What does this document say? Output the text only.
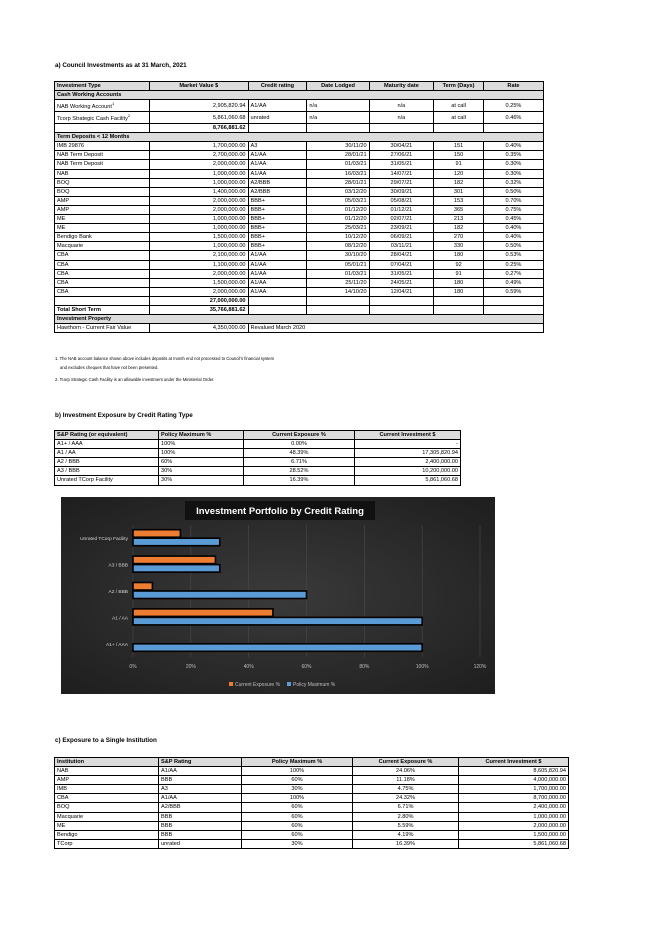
a) Council Investments as at 31 March, 2021
Investment Type	Market Value $	Credit rating	Date Lodged	Maturity date	Term (Days)	Rate
Cash Working Accounts						
NAB Working Account$^1$	2,905,820.94	A1/AA	n/a	n/a	at call	0.25%
Tcorp Strategic Cash Facility$^2$	5,861,060.68	unrated	n/a	n/a	at call	0.46%
	8,766,881.62					
Term Deposits < 12 Months						
IMB 29876	1,700,000.00	A3	30/11/20	30/04/21	151	0.40%
NAB Term Deposit	2,700,000.00	A1/AA	28/01/21	27/06/21	150	0.35%
NAB Term Deposit	2,000,000.00	A1/AA	01/03/21	31/05/21	91	0.30%
NAB	1,000,000.00	A1/AA	16/03/21	14/07/21	120	0.30%
BOQ	1,000,000.00	A2/BBB	28/01/21	29/07/21	182	0.32%
BOQ	1,400,000.00	A2/BBB	03/12/20	30/09/21	301	0.50%
AMP	2,000,000.00	BBB+	05/03/21	05/08/21	153	0.70%
AMP	2,000,000.00	BBB+	01/12/20	01/12/21	365	0.75%
ME	1,000,000.00	BBB+	01/12/20	02/07/21	213	0.45%
ME	1,000,000.00	BBB+	25/03/21	23/09/21	182	0.40%
Bendigo Bank	1,500,000.00	BBB+	10/12/20	06/09/21	270	0.40%
Macquarie	1,000,000.00	BBB+	08/12/20	03/11/21	330	0.50%
CBA	2,100,000.00	A1/AA	30/10/20	28/04/21	180	0.53%
CBA	1,100,000.00	A1/AA	05/01/21	07/04/21	92	0.25%
CBA	2,000,000.00	A1/AA	01/03/21	31/05/21	91	0.27%
CBA	1,500,000.00	A1/AA	25/11/20	24/05/21	180	0.49%
CBA	2,000,000.00	A1/AA	14/10/20	12/04/21	180	0.59%
	27,000,000.00					
Total Short Term	35,766,881.62					
Investment Property						
Hawthorn - Current Fair Value	4,350,000.00	Revalued March 2020				
1. The NAB account balance shown above includes deposits at month end not processed to Council's financial system
and excludes cheques that have not been presented.
2. Tcorp Strategic Cash Facility is an allowable investment under the Ministerial Order.
b) Investment Exposure by Credit Rating Type
S&P Rating (or equivalent)	Policy Maximum %	Current Exposure %	Current Investment $
A1+ / AAA	100%	0.00%	-
A1 / AA	100%	48.39%	17,305,820.94
A2 / BBB	60%	6.71%	2,400,000.00
A3 / BBB	30%	28.52%	10,200,000.00
Unrated TCorp Facility	30%	16.39%	5,861,060.68
A1+ / AAA
A1 / AA
A2 / BBB
A3 / BBB
Unrated TCorp Facility
0%	20%	40%	60%	80%	100%	120%
Investment Portfolio by Credit Rating
Current Exposure %	Policy Maximum %
c) Exposure to a Single Institution
Institution	S&P Rating	Policy Maximum %	Current Exposure %	Current Investment $
NAB	A1/AA	100%	24.06%	8,605,820.94
AMP	BBB	60%	11.18%	4,000,000.00
IMB	A3	30%	4.75%	1,700,000.00
CBA	A1/AA	100%	24.32%	8,700,000.00
BOQ	A2/BBB	60%	6.71%	2,400,000.00
Macquarie	BBB	60%	2.80%	1,000,000.00
ME	BBB	60%	5.59%	2,000,000.00
Bendigo	BBB	60%	4.19%	1,500,000.00
TCorp	unrated	30%	16.39%	5,861,060.68
